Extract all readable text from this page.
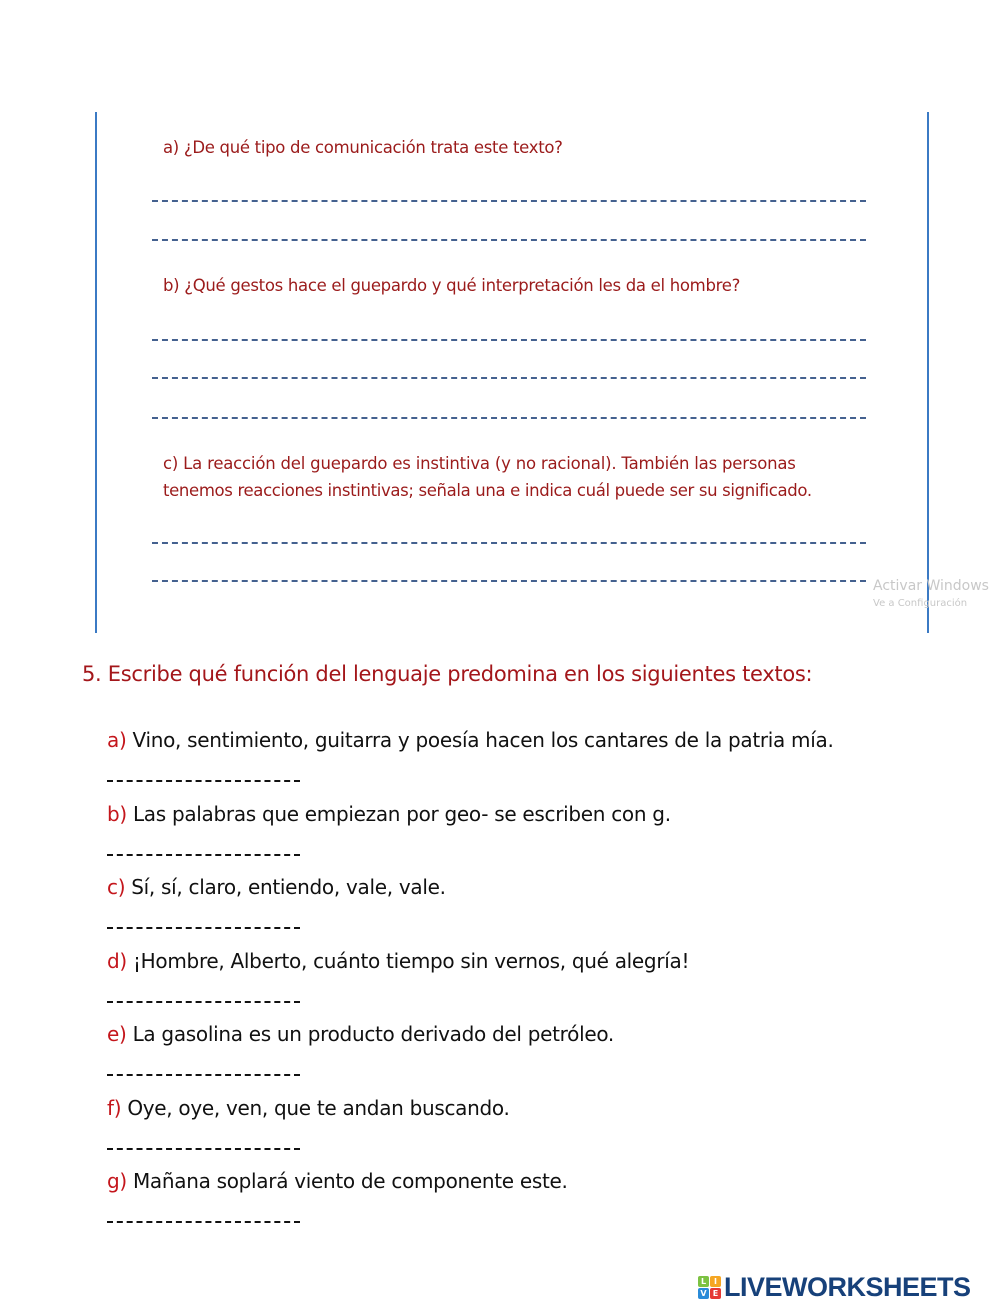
a) ¿De qué tipo de comunicación trata este texto?
b) ¿Qué gestos hace el guepardo y qué interpretación les da el hombre?
c) La reacción del guepardo es instintiva (y no racional). También las personas
tenemos reacciones instintivas; señala una e indica cuál puede ser su significado.
Activar Windows
Ve a Configuración
5. Escribe qué función del lenguaje predomina en los siguientes textos:
a) Vino, sentimiento, guitarra y poesía hacen los cantares de la patria mía.
b) Las palabras que empiezan por geo- se escriben con g.
c) Sí, sí, claro, entiendo, vale, vale.
d) ¡Hombre, Alberto, cuánto tiempo sin vernos, qué alegría!
e) La gasolina es un producto derivado del petróleo.
f) Oye, oye, ven, que te andan buscando.
g) Mañana soplará viento de componente este.
L I
V E LIVEWORKSHEETS
